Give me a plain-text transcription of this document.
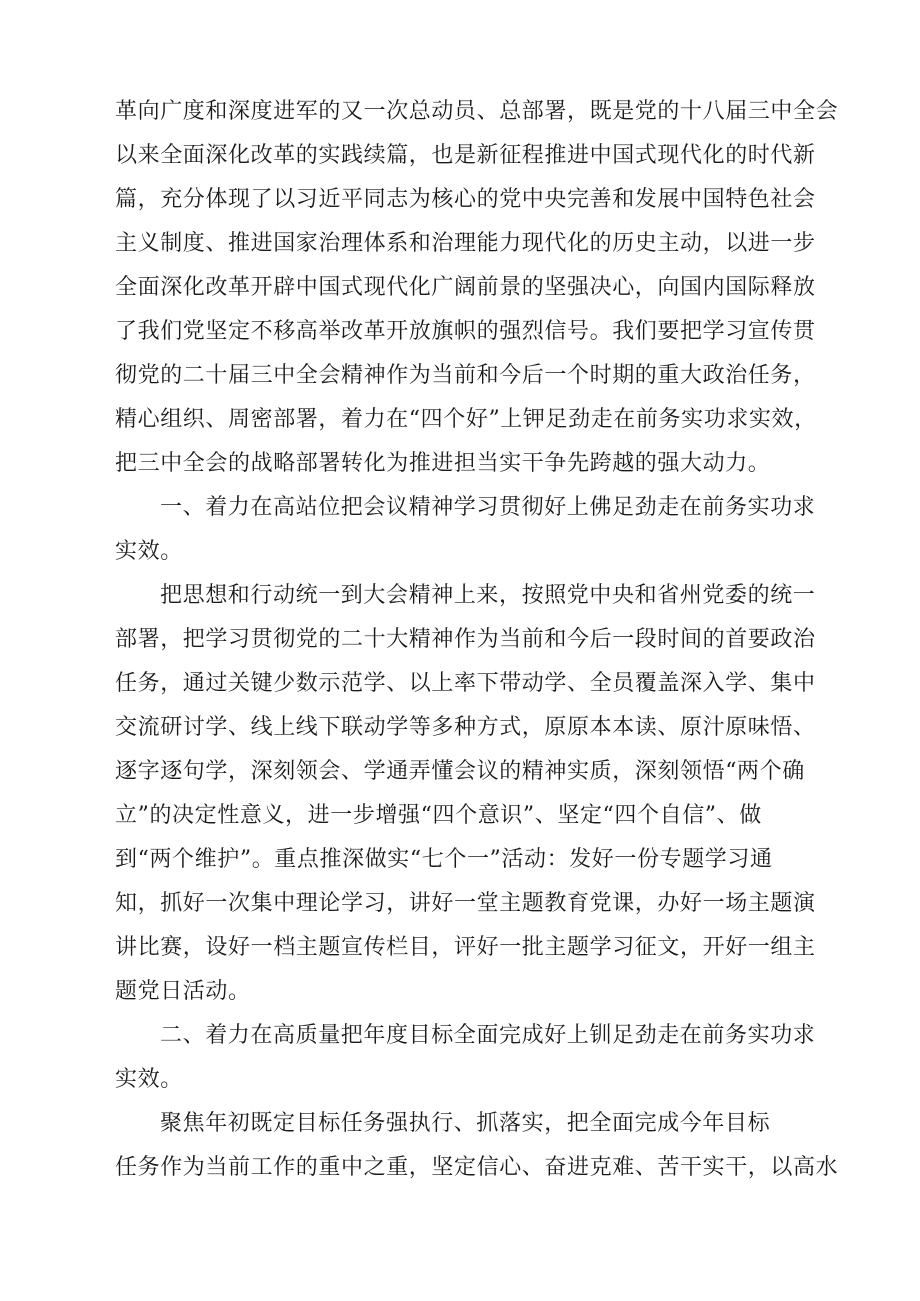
革向广度和深度进军的又一次总动员、总部署，既是党的十八届三中全会
以来全面深化改革的实践续篇，也是新征程推进中国式现代化的时代新
篇，充分体现了以习近平同志为核心的党中央完善和发展中国特色社会
主义制度、推进国家治理体系和治理能力现代化的历史主动，以进一步
全面深化改革开辟中国式现代化广阔前景的坚强决心，向国内国际释放
了我们党坚定不移高举改革开放旗帜的强烈信号。我们要把学习宣传贯
彻党的二十届三中全会精神作为当前和今后一个时期的重大政治任务，
精心组织、周密部署，着力在“四个好”上钾足劲走在前务实功求实效，
把三中全会的战略部署转化为推进担当实干争先跨越的强大动力。
一、着力在高站位把会议精神学习贯彻好上佛足劲走在前务实功求
实效。
把思想和行动统一到大会精神上来，按照党中央和省州党委的统一
部署，把学习贯彻党的二十大精神作为当前和今后一段时间的首要政治
任务，通过关键少数示范学、以上率下带动学、全员覆盖深入学、集中
交流研讨学、线上线下联动学等多种方式，原原本本读、原汁原味悟、
逐字逐句学，深刻领会、学通弄懂会议的精神实质，深刻领悟“两个确
立”的决定性意义，进一步增强“四个意识”、坚定“四个自信”、做
到“两个维护”。重点推深做实“七个一”活动：发好一份专题学习通
知，抓好一次集中理论学习，讲好一堂主题教育党课，办好一场主题演
讲比赛，设好一档主题宣传栏目，评好一批主题学习征文，开好一组主
题党日活动。
二、着力在高质量把年度目标全面完成好上钏足劲走在前务实功求
实效。
聚焦年初既定目标任务强执行、抓落实，把全面完成今年目标
任务作为当前工作的重中之重，坚定信心、奋进克难、苦干实干，以高水
